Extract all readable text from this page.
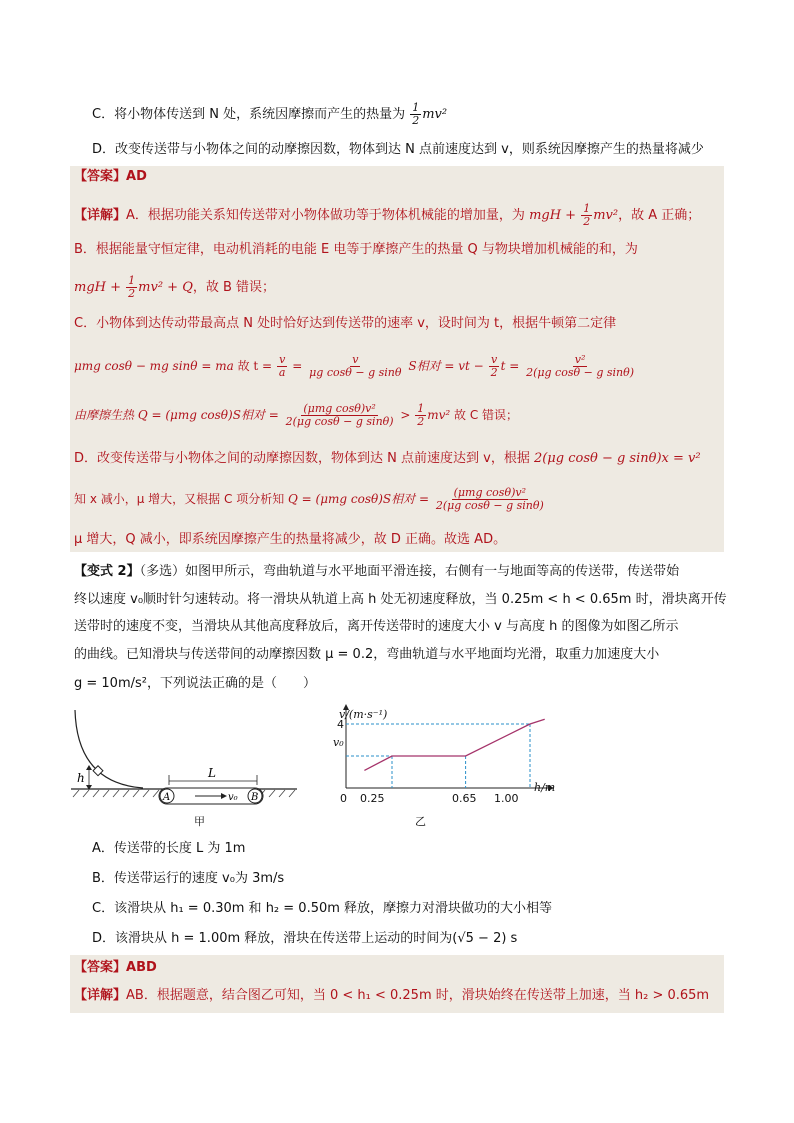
C．将小物体传送到 N 处，系统因摩擦而产生的热量为 $\frac{1}{2} mv^2$
D．改变传送带与小物体之间的动摩擦因数，物体到达 N 点前速度达到 v，则系统因摩擦产生的热量将减少
【答案】AD
【详解】A．根据功能关系知传送带对小物体做功等于物体机械能的增加量，为 mgH + $\frac{1}{2} mv^2$，故 A 正确；
B．根据能量守恒定律，电动机消耗的电能 E 电等于摩擦产生的热量 Q 与物块增加机械能的和，为
mgH + $\frac{1}{2} mv^2 + Q$，故 B 错误；
C．小物体到达传动带最高点 N 处时恰好达到传送带的速率 v，设时间为 t，根据牛顿第二定律
μmg cosθ − mg sinθ = ma 故 $t = \frac{v}{a} = \frac{v}{\text{μg cosθ − g sinθ}}$ S相对 = vt − $\frac{v}{2}$ $t = \frac{\text{v²}}{\text{2(μg cosθ − g sinθ)}}$
由摩擦生热 Q = (μmg cosθ)S相对 = $\frac{\text{(μmg cosθ)v²}}{\text{2(μg cosθ − g sinθ)}} > \frac{1}{2} mv^2$ 故 C 错误；
D．改变传送带与小物体之间的动摩擦因数，物体到达 N 点前速度达到 v，根据 2(μg cosθ − g sinθ)x = v²
知 x 减小，μ 增大，又根据 C 项分析知 Q = (μmg cosθ)S相对 = $\frac{\text{(μmg cosθ)v²}}{\text{2(μg cosθ − g sinθ)}}$
μ 增大，Q 减小，即系统因摩擦产生的热量将减少，故 D 正确。故选 AD。
【变式 2】（多选）如图甲所示，弯曲轨道与水平地面平滑连接，右侧有一与地面等高的传送带，传送带始
终以速度 v₀顺时针匀速转动。将一滑块从轨道上高 h 处无初速度释放，当 0.25m < h < 0.65m 时，滑块离开传
送带时的速度不变，当滑块从其他高度释放后，离开传送带时的速度大小 v 与高度 h 的图像为如图乙所示
的曲线。已知滑块与传送带间的动摩擦因数 μ = 0.2，弯曲轨道与水平地面均光滑，取重力加速度大小
g = 10m/s²，下列说法正确的是（　　）
h	L
A	B
v₀
甲
v/(m·s⁻¹)
h/m
4
v₀
0 0.25	0.65 1.00
乙
A．传送带的长度 L 为 1m
B．传送带运行的速度 v₀为 3m/s
C．该滑块从 h₁ = 0.30m 和 h₂ = 0.50m 释放，摩擦力对滑块做功的大小相等
D．该滑块从 h = 1.00m 释放，滑块在传送带上运动的时间为(√5 − 2) s
【答案】ABD
【详解】AB．根据题意，结合图乙可知，当 0 < h₁ < 0.25m 时，滑块始终在传送带上加速，当 h₂ > 0.65m
